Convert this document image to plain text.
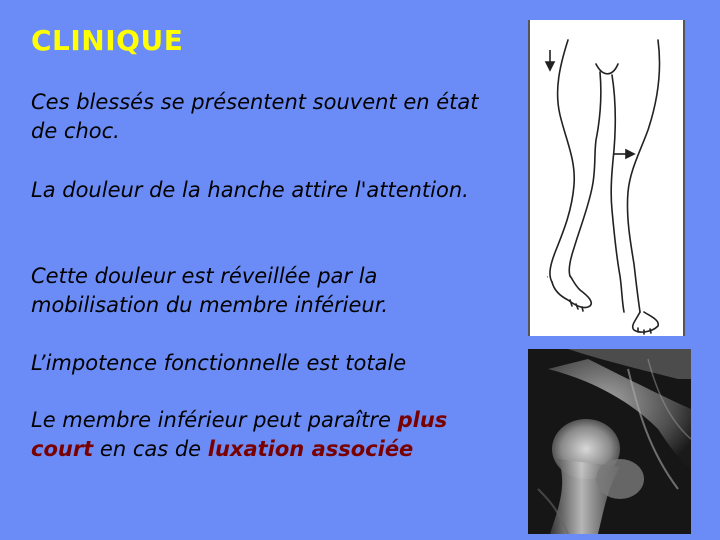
CLINIQUE

Ces blessés se présentent souvent en état de choc.

La douleur de la hanche attire l'attention.

Cette douleur est réveillée par la mobilisation du membre inférieur.

L’impotence fonctionnelle est totale

Le membre inférieur peut paraître plus court en cas de luxation associée

·
